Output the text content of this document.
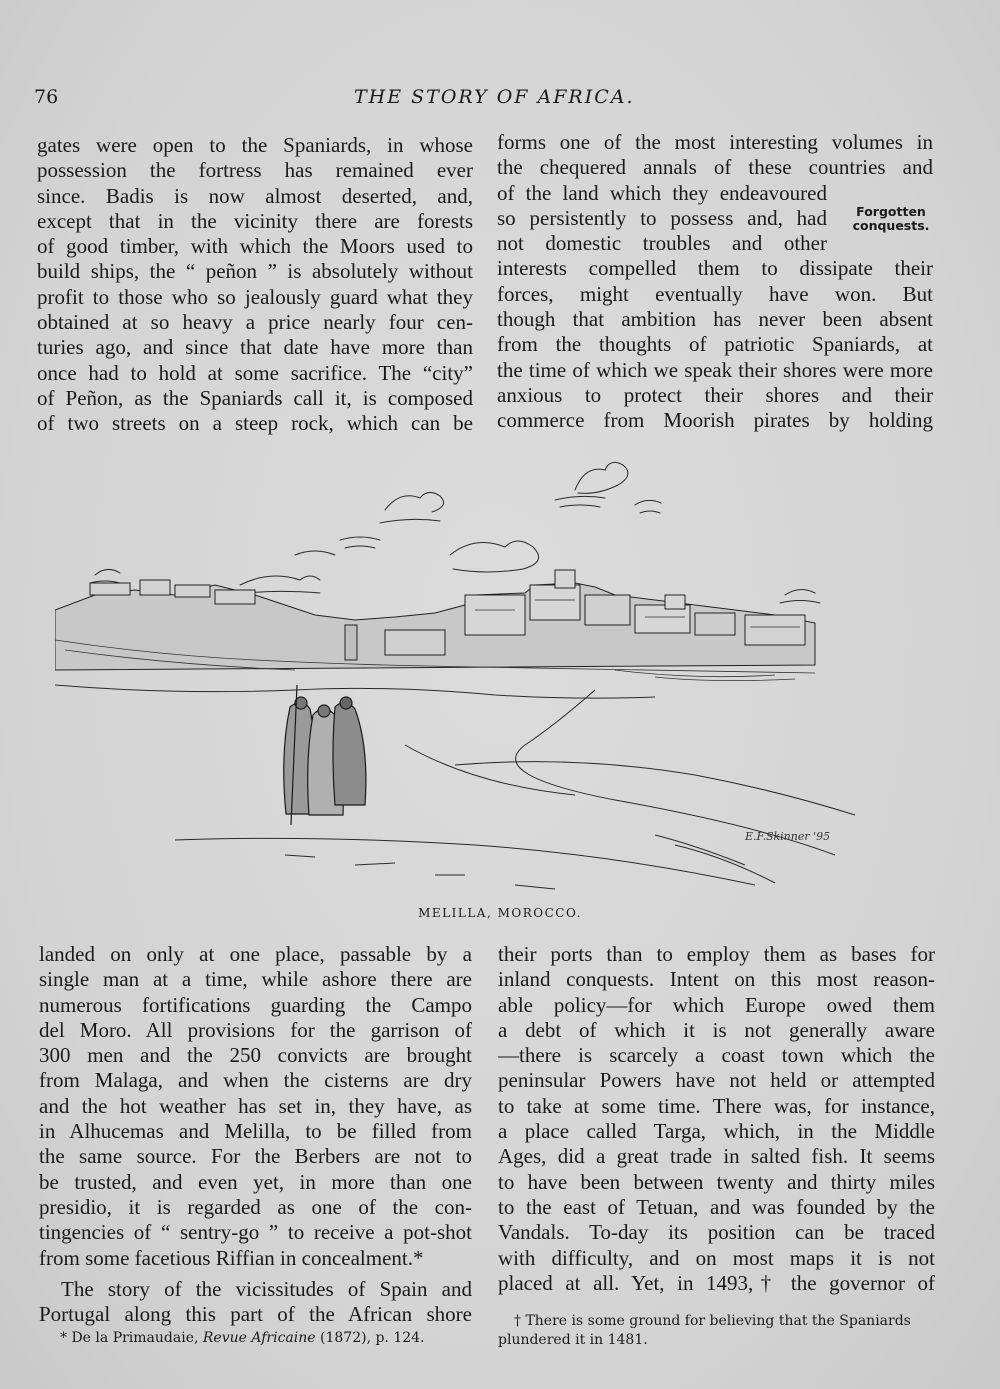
76	THE STORY OF AFRICA.
gates were open to the Spaniards, in whose
possession the fortress has remained ever
since. Badis is now almost deserted, and,
except that in the vicinity there are forests
of good timber, with which the Moors used to
build ships, the “ peñon ” is absolutely without
profit to those who so jealously guard what they
obtained at so heavy a price nearly four cen-
turies ago, and since that date have more than
once had to hold at some sacrifice. The “city”
of Peñon, as the Spaniards call it, is composed
of two streets on a steep rock, which can be
forms one of the most interesting volumes in
the chequered annals of these countries and
of the land which they endeavoured
so persistently to possess and, had
not domestic troubles and other
interests compelled them to dissipate their
forces, might eventually have won. But
though that ambition has never been absent
from the thoughts of patriotic Spaniards, at
the time of which we speak their shores were more
anxious to protect their shores and their
commerce from Moorish pirates by holding
Forgotten
conquests.
E.F.Skinner '95
MELILLA, MOROCCO.
landed on only at one place, passable by a
single man at a time, while ashore there are
numerous fortifications guarding the Campo
del Moro. All provisions for the garrison of
300 men and the 250 convicts are brought
from Malaga, and when the cisterns are dry
and the hot weather has set in, they have, as
in Alhucemas and Melilla, to be filled from
the same source. For the Berbers are not to
be trusted, and even yet, in more than one
presidio, it is regarded as one of the con-
tingencies of “ sentry-go ” to receive a pot-shot
from some facetious Riffian in concealment.*
The story of the vicissitudes of Spain and
Portugal along this part of the African shore
their ports than to employ them as bases for
inland conquests. Intent on this most reason-
able policy—for which Europe owed them
a debt of which it is not generally aware
—there is scarcely a coast town which the
peninsular Powers have not held or attempted
to take at some time. There was, for instance,
a place called Targa, which, in the Middle
Ages, did a great trade in salted fish. It seems
to have been between twenty and thirty miles
to the east of Tetuan, and was founded by the
Vandals. To-day its position can be traced
with difficulty, and on most maps it is not
placed at all. Yet, in 1493,† the governor of
* De la Primaudaie, Revue Africaine (1872), p. 124.
† There is some ground for believing that the Spaniards
plundered it in 1481.
